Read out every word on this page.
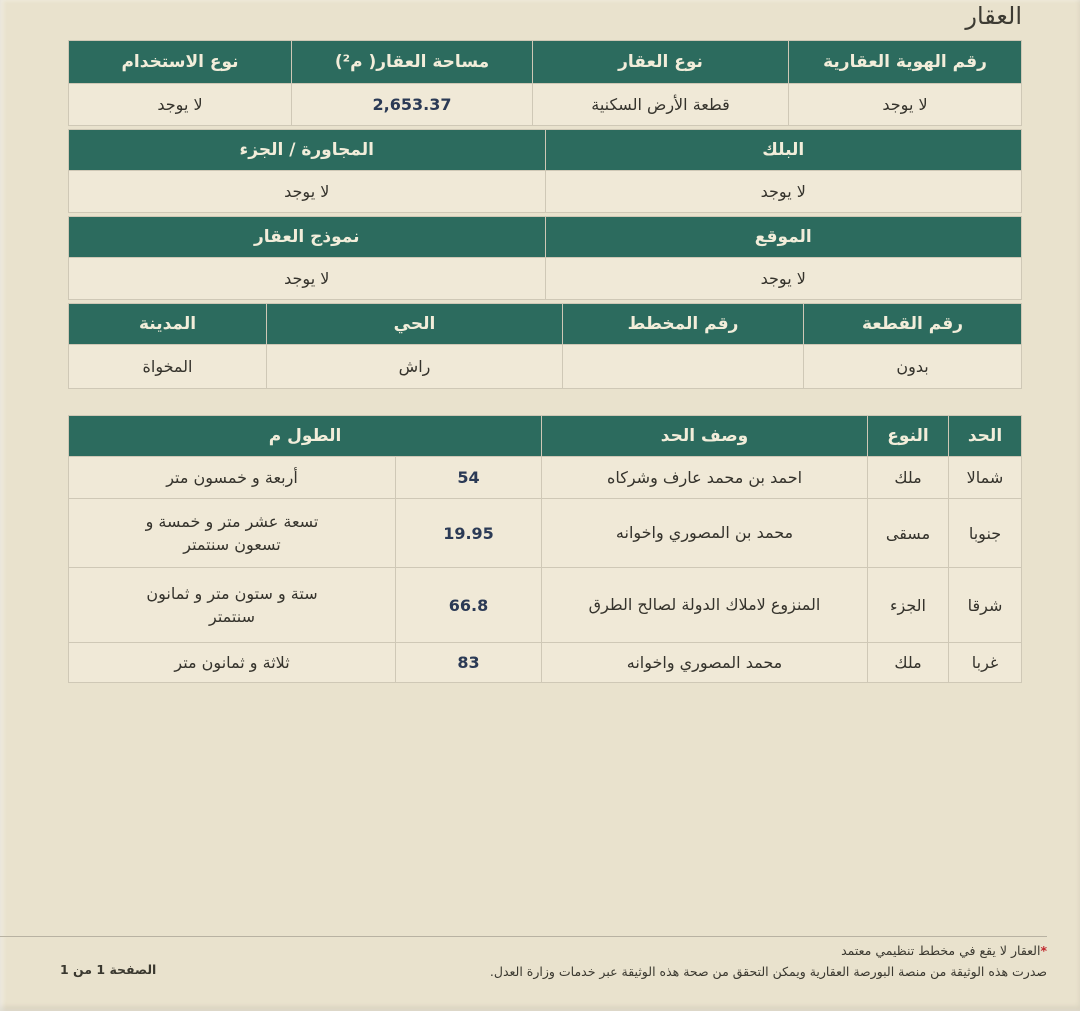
العقار
رقم الهوية العقارية
نوع العقار
مساحة العقار( م²)
نوع الاستخدام
لا يوجد
قطعة الأرض السكنية
2,653.37
لا يوجد
البلك
المجاورة / الجزء
لا يوجد
لا يوجد
الموقع
نموذج العقار
لا يوجد
لا يوجد
رقم القطعة
رقم المخطط
الحي
المدينة
بدون
راش
المخواة
الحد
النوع
وصف الحد
الطول م
شمالا
ملك
احمد بن محمد عارف وشركاه
54
أربعة و خمسون متر
جنوبا
مسقى
محمد بن المصوري واخوانه
19.95
تسعة عشر متر و خمسة و تسعون سنتمتر
شرقا
الجزء
المنزوع لاملاك الدولة لصالح الطرق
66.8
ستة و ستون متر و ثمانون سنتمتر
غربا
ملك
محمد المصوري واخوانه
83
ثلاثة و ثمانون متر
*العقار لا يقع في مخطط تنظيمي معتمد
صدرت هذه الوثيقة من منصة البورصة العقارية ويمكن التحقق من صحة هذه الوثيقة عبر خدمات وزارة العدل.
الصفحة 1 من 1
